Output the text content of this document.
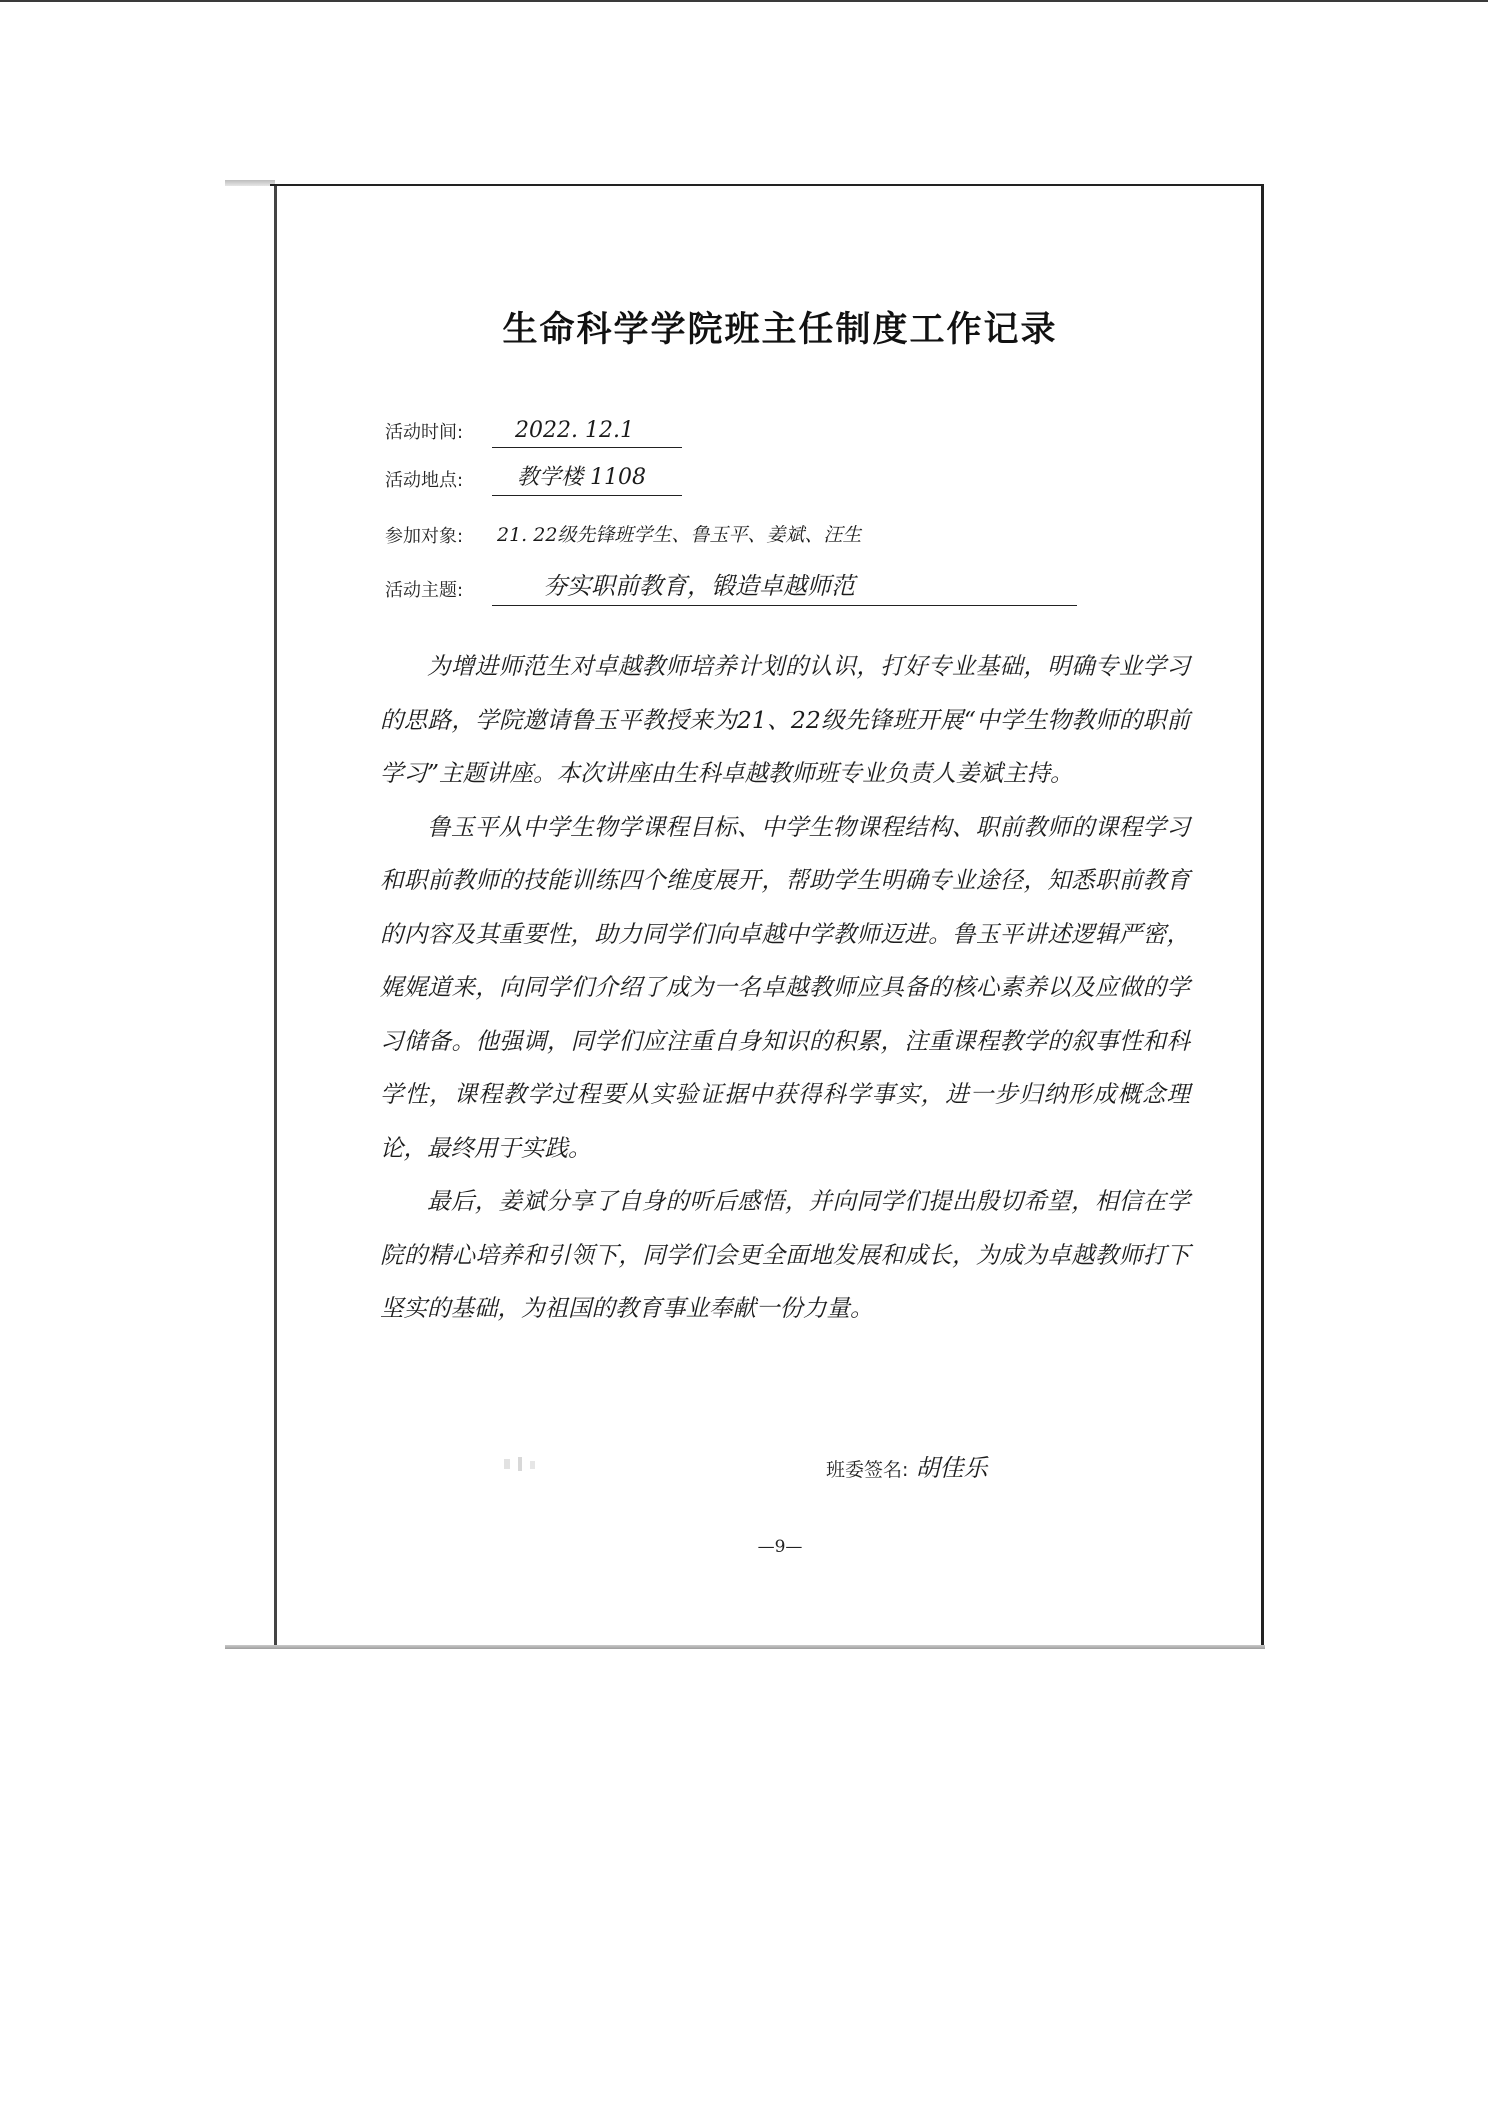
生命科学学院班主任制度工作记录
活动时间: 2022. 12.1
活动地点: 教学楼 1108
参加对象: 21. 22级先锋班学生、鲁玉平、姜斌、汪生
活动主题:	夯实职前教育，锻造卓越师范

为增进师范生对卓越教师培养计划的认识，打好专业基础，明确专业学习的思路，学院邀请鲁玉平教授来为21、22级先锋班开展“中学生物教师的职前学习”主题讲座。本次讲座由生科卓越教师班专业负责人姜斌主持。

鲁玉平从中学生物学课程目标、中学生物课程结构、职前教师的课程学习和职前教师的技能训练四个维度展开，帮助学生明确专业途径，知悉职前教育的内容及其重要性，助力同学们向卓越中学教师迈进。鲁玉平讲述逻辑严密，娓娓道来，向同学们介绍了成为一名卓越教师应具备的核心素养以及应做的学习储备。他强调，同学们应注重自身知识的积累，注重课程教学的叙事性和科学性，课程教学过程要从实验证据中获得科学事实，进一步归纳形成概念理论，最终用于实践。

最后，姜斌分享了自身的听后感悟，并向同学们提出殷切希望，相信在学院的精心培养和引领下，同学们会更全面地发展和成长，为成为卓越教师打下坚实的基础，为祖国的教育事业奉献一份力量。

班委签名: 胡佳乐
—9—
